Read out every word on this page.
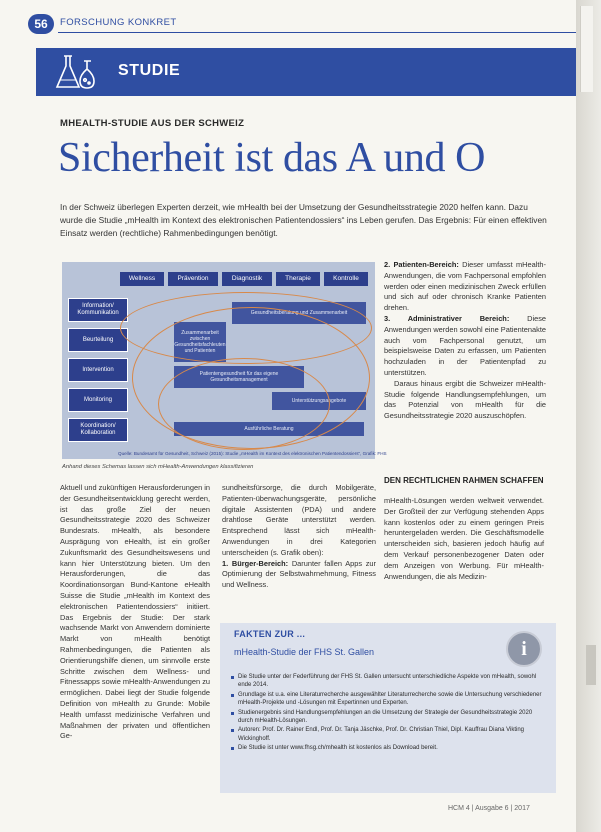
56	FORSCHUNG KONKRET
STUDIE
MHEALTH-STUDIE AUS DER SCHWEIZ
Sicherheit ist das A und O
In der Schweiz überlegen Experten derzeit, wie mHealth bei der Umsetzung der Gesundheitsstrategie 2020 helfen kann. Dazu wurde die Studie „mHealth im Kontext des elektronischen Patientendossiers“ ins Leben gerufen. Das Ergebnis: Für einen effektiven Einsatz werden (rechtliche) Rahmenbedingungen benötigt.
Wellness	Prävention	Diagnostik	Therapie	Kontrolle
Information/ Kommunikation
Beurteilung
Intervention
Monitoring
Koordination/ Kollaboration
Zusammenarbeit zwischen Gesundheitsfachleuten und Patienten
Gesundheitsberatung und Zusammenarbeit
Patientengesundheit für das eigene Gesundheitsmanagement
Unterstützungsangebote
Ausführliche Beratung
Quelle: Bundesamt für Gesundheit, Schweiz (2015): Studie „mHealth im Kontext des elektronischen Patientendossiers“, Grafik: FHS
Anhand dieses Schemas lassen sich mHealth-Anwendungen klassifizieren

2. Patienten-Bereich: Dieser umfasst mHealth-Anwendungen, die vom Fachpersonal empfohlen werden oder einen medizinischen Zweck erfüllen und sich auf oder chronisch Kranke Patienten drehen.

3. Administrativer Bereich: Diese Anwendungen werden sowohl eine Patientenakte auch vom Fachpersonal genutzt, um beispielsweise Daten zu erfassen, um Patienten hochzuladen in der Patientenpfad zu unterstützen.

Daraus hinaus ergibt die Schweizer mHealth-Studie folgende Handlungsempfehlungen, um das Potenzial von mHealth für die Gesundheitsstrategie 2020 auszuschöpfen.

DEN RECHTLICHEN RAHMEN SCHAFFEN

mHealth-Lösungen werden weltweit verwendet. Der Großteil der zur Verfügung stehenden Apps kann kostenlos oder zu einem geringen Preis heruntergeladen werden. Die Geschäftsmodelle unterscheiden sich, basieren jedoch häufig auf dem Verkauf personenbezogener Daten oder dem Anzeigen von Werbung. Für mHealth-Anwendungen, die als Medizin-

Aktuell und zukünftigen Herausforderungen in der Gesundheitsentwicklung gerecht werden, ist das große Ziel der neuen Gesundheitsstrategie 2020 des Schweizer Bundesrats. mHealth, als besondere Ausprägung von eHealth, ist ein großer Zukunftsmarkt des Gesundheitswesens und kann hier Unterstützung bieten. Um den Herausforderungen, die das Koordinationsorgan Bund-Kantone eHealth Suisse die Studie „mHealth im Kontext des elektronischen Patientendossiers“ initiiert. Das Ergebnis der Studie: Der stark wachsende Markt von Anwendern dominierte Markt von mHealth benötigt Rahmenbedingungen, die Patienten als Orientierungshilfe dienen, um sinnvolle erste Schritte zwischen dem Wellness- und Fitnessapps sowie mHealth-Anwendungen zu ermöglichen. Dabei liegt der Studie folgende Definition von mHealth zu Grunde: Mobile Health umfasst medizinische Verfahren und Maßnahmen der privaten und öffentlichen Ge-

sundheitsfürsorge, die durch Mobilgeräte, Patienten-überwachungsgeräte, persönliche digitale Assistenten (PDA) und andere drahtlose Geräte unterstützt werden. Entsprechend lässt sich mHealth-Anwendungen in drei Kategorien unterscheiden (s. Grafik oben):

1. Bürger-Bereich: Darunter fallen Apps zur Optimierung der Selbstwahrnehmung, Fitness und Wellness.

FAKTEN ZUR ...
mHealth-Studie der FHS St. Gallen	i
Die Studie unter der Federführung der FHS St. Gallen untersucht unterschiedliche Aspekte von mHealth, sowohl ende 2014.
Grundlage ist u.a. eine Literaturrecherche ausgewählter Literaturrecherche sowie die Untersuchung verschiedener mHealth-Projekte und -Lösungen mit Expertinnen und Experten.
Studienergebnis sind Handlungsempfehlungen an die Umsetzung der Strategie der Gesundheitsstrategie 2020 durch mHealth-Lösungen.
Autoren: Prof. Dr. Rainer Endl, Prof. Dr. Tanja Jäschke, Prof. Dr. Christian Thiel, Dipl. Kauffrau Diana Vikting Wickinghoff.
Die Studie ist unter www.fhsg.ch/mhealth ist kostenlos als Download bereit.
HCM 4 | Ausgabe 6 | 2017
